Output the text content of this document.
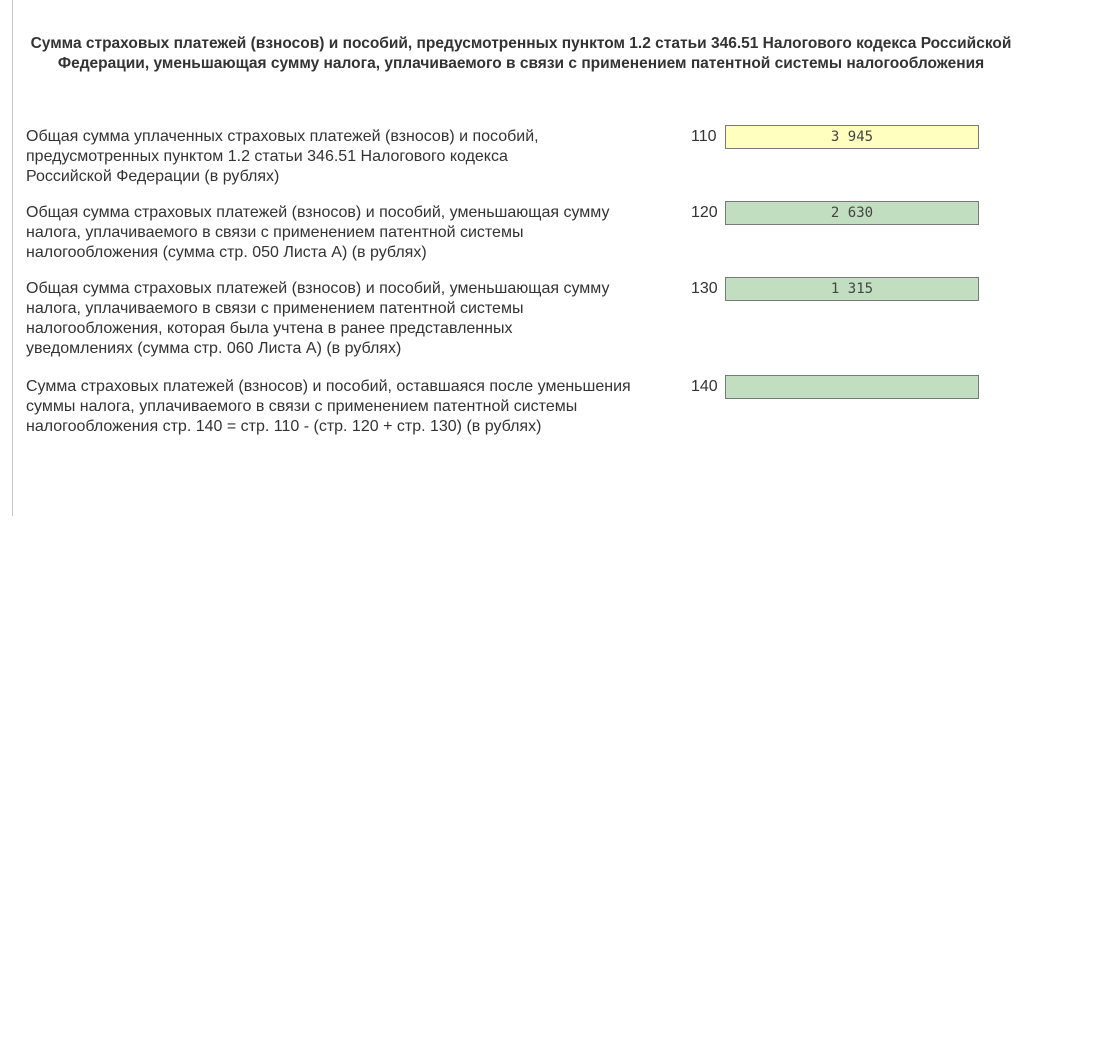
Сумма страховых платежей (взносов) и пособий, предусмотренных пунктом 1.2 статьи 346.51 Налогового кодекса Российской Федерации, уменьшающая сумму налога, уплачиваемого в связи с применением патентной системы налогообложения
Общая сумма уплаченных страховых платежей (взносов) и пособий,
предусмотренных пунктом 1.2 статьи 346.51 Налогового кодекса
Российской Федерации (в рублях)
110
3 945
Общая сумма страховых платежей (взносов) и пособий, уменьшающая сумму
налога, уплачиваемого в связи с применением патентной системы
налогообложения (сумма стр. 050 Листа А) (в рублях)
120	2 630
Общая сумма страховых платежей (взносов) и пособий, уменьшающая сумму
налога, уплачиваемого в связи с применением патентной системы
налогообложения, которая была учтена в ранее представленных
уведомлениях (сумма стр. 060 Листа А) (в рублях)
130	1 315
Сумма страховых платежей (взносов) и пособий, оставшаяся после уменьшения
суммы налога, уплачиваемого в связи с применением патентной системы
налогообложения стр. 140 = стр. 110 - (стр. 120 + стр. 130) (в рублях)
140
